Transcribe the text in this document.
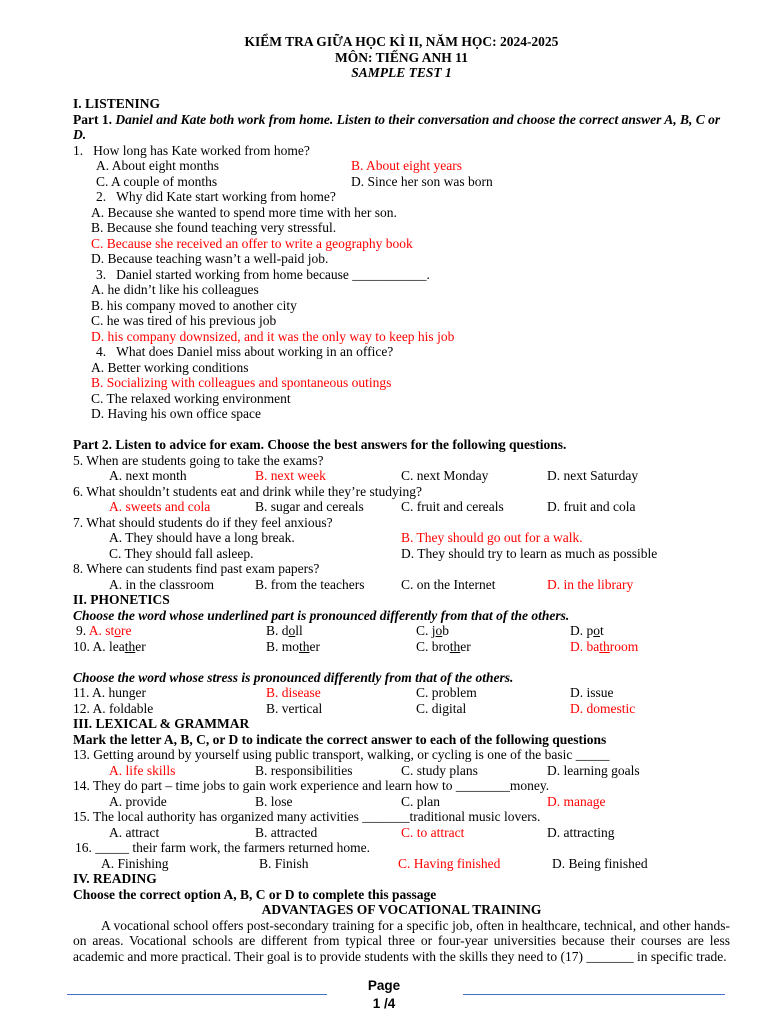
KIỂM TRA GIỮA HỌC KÌ II, NĂM HỌC: 2024-2025
MÔN: TIẾNG ANH 11
SAMPLE TEST 1
I. LISTENING
Part 1. Daniel and Kate both work from home. Listen to their conversation and choose the correct answer A, B, C or D.
1. How long has Kate worked from home?
A. About eight months	B. About eight years
C. A couple of months	D. Since her son was born
2. Why did Kate start working from home?
A. Because she wanted to spend more time with her son.
B. Because she found teaching very stressful.
C. Because she received an offer to write a geography book
D. Because teaching wasn’t a well-paid job.
3. Daniel started working from home because ___________.
A. he didn’t like his colleagues
B. his company moved to another city
C. he was tired of his previous job
D. his company downsized, and it was the only way to keep his job
4. What does Daniel miss about working in an office?
A. Better working conditions
B. Socializing with colleagues and spontaneous outings
C. The relaxed working environment
D. Having his own office space
Part 2. Listen to advice for exam. Choose the best answers for the following questions.
5. When are students going to take the exams?
A. next month	B. next week	C. next Monday	D. next Saturday
6. What shouldn’t students eat and drink while they’re studying?
A. sweets and cola	B. sugar and cereals	C. fruit and cereals	D. fruit and cola
7. What should students do if they feel anxious?
A. They should have a long break.	B. They should go out for a walk.
C. They should fall asleep.	D. They should try to learn as much as possible
8. Where can students find past exam papers?
A. in the classroom	B. from the teachers	C. on the Internet	D. in the library
II. PHONETICS
Choose the word whose underlined part is pronounced differently from that of the others.
9. A. store	B. doll	C. job	D. pot
10. A. leather	B. mother	C. brother	D. bathroom
Choose the word whose stress is pronounced differently from that of the others.
11. A. hunger	B. disease	C. problem	D. issue
12. A. foldable	B. vertical	C. digital	D. domestic
III. LEXICAL & GRAMMAR
Mark the letter A, B, C, or D to indicate the correct answer to each of the following questions
13. Getting around by yourself using public transport, walking, or cycling is one of the basic _____
A. life skills	B. responsibilities	C. study plans	D. learning goals
14. They do part – time jobs to gain work experience and learn how to ________money.
A. provide	B. lose	C. plan	D. manage
15. The local authority has organized many activities _______traditional music lovers.
A. attract	B. attracted	C. to attract	D. attracting
16. _____ their farm work, the farmers returned home.
A. Finishing	B. Finish	C. Having finished	D. Being finished
IV. READING
Choose the correct option A, B, C or D to complete this passage
ADVANTAGES OF VOCATIONAL TRAINING
A vocational school offers post-secondary training for a specific job, often in healthcare, technical, and other hands-on areas. Vocational schools are different from typical three or four-year universities because their courses are less academic and more practical. Their goal is to provide students with the skills they need to (17) _______ in specific trade.
Page
1 /4
